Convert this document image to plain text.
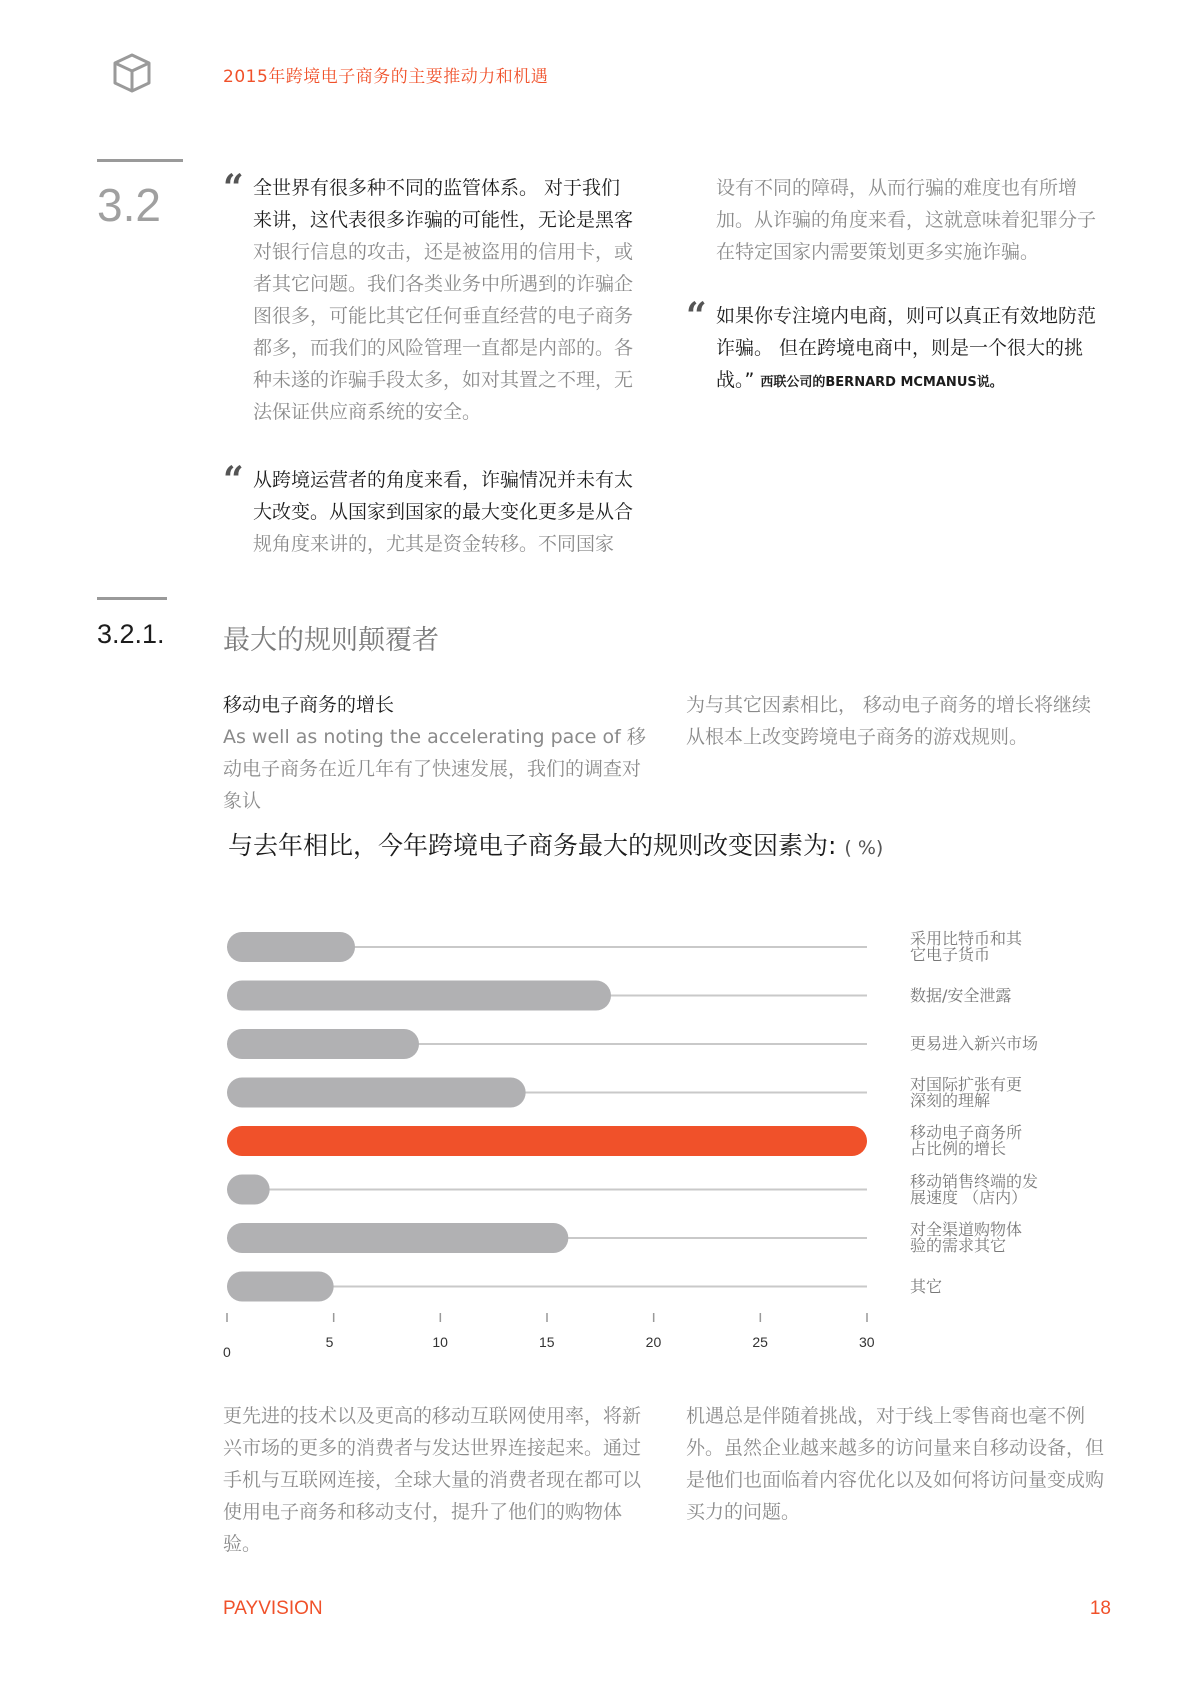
2015年跨境电子商务的主要推动力和机遇
3.2 “ 全世界有很多种不同的监管体系。 对于我们来讲，这代表很多诈骗的可能性，无论是黑客对银行信息的攻击，还是被盗用的信用卡，或者其它问题。我们各类业务中所遇到的诈骗企图很多，可能比其它任何垂直经营的电子商务都多，而我们的风险管理一直都是内部的。各种未遂的诈骗手段太多，如对其置之不理，无法保证供应商系统的安全。
“ 从跨境运营者的角度来看，诈骗情况并未有太大改变。从国家到国家的最大变化更多是从合规角度来讲的，尤其是资金转移。不同国家
设有不同的障碍，从而行骗的难度也有所增加。从诈骗的角度来看，这就意味着犯罪分子在特定国家内需要策划更多实施诈骗。
“ 如果你专注境内电商，则可以真正有效地防范诈骗。 但在跨境电商中，则是一个很大的挑战。” 西联公司的BERNARD MCMANUS说。
3.2.1. 最大的规则颠覆者
移动电子商务的增长
As well as noting the accelerating pace of 移动电子商务在近几年有了快速发展，我们的调查对象认
为与其它因素相比， 移动电子商务的增长将继续从根本上改变跨境电子商务的游戏规则。
与去年相比，今年跨境电子商务最大的规则改变因素为: ( %)
采用比特币和其
它电子货币
数据/安全泄露
更易进入新兴市场
对国际扩张有更
深刻的理解
移动电子商务所
占比例的增长
移动销售终端的发
展速度 （店内）
对全渠道购物体
验的需求其它
其它
0
5	10	15	20	25	30
更先进的技术以及更高的移动互联网使用率，将新兴市场的更多的消费者与发达世界连接起来。通过手机与互联网连接，全球大量的消费者现在都可以使用电子商务和移动支付，提升了他们的购物体验。
机遇总是伴随着挑战，对于线上零售商也毫不例外。虽然企业越来越多的访问量来自移动设备，但是他们也面临着内容优化以及如何将访问量变成购买力的问题。
PAYVISION	18
